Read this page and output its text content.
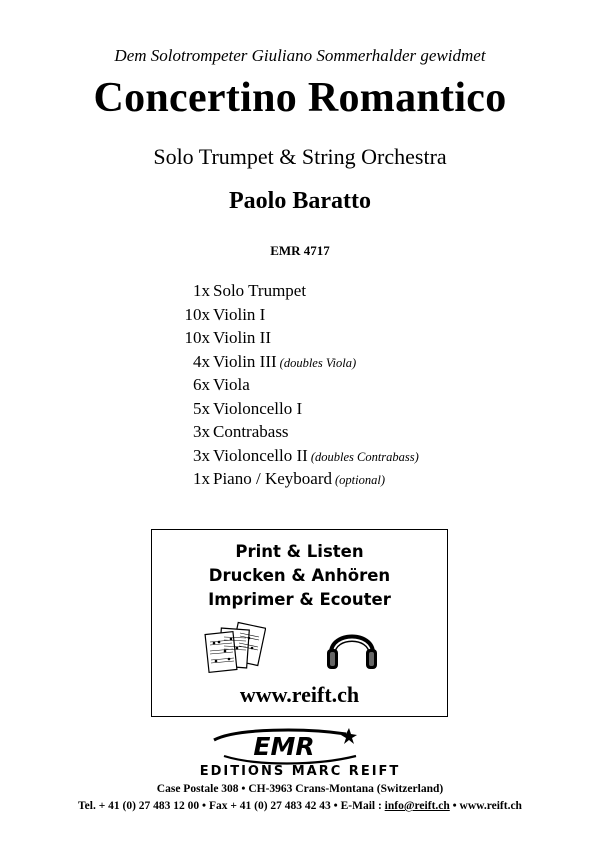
Dem Solotrompeter Giuliano Sommerhalder gewidmet
Concertino Romantico
Solo Trumpet & String Orchestra
Paolo Baratto
EMR 4717
1x Solo Trumpet
10x Violin I
10x Violin II
4x Violin III (doubles Viola)
6x Viola
5x Violoncello I
3x Contrabass
3x Violoncello II (doubles Contrabass)
1x Piano / Keyboard (optional)
Print & Listen
Drucken & Anhören
Imprimer & Ecouter
www.reift.ch
EMR
EDITIONS MARC REIFT
Case Postale 308 • CH-3963 Crans-Montana (Switzerland)
Tel. + 41 (0) 27 483 12 00 • Fax + 41 (0) 27 483 42 43 • E-Mail : info@reift.ch • www.reift.ch
